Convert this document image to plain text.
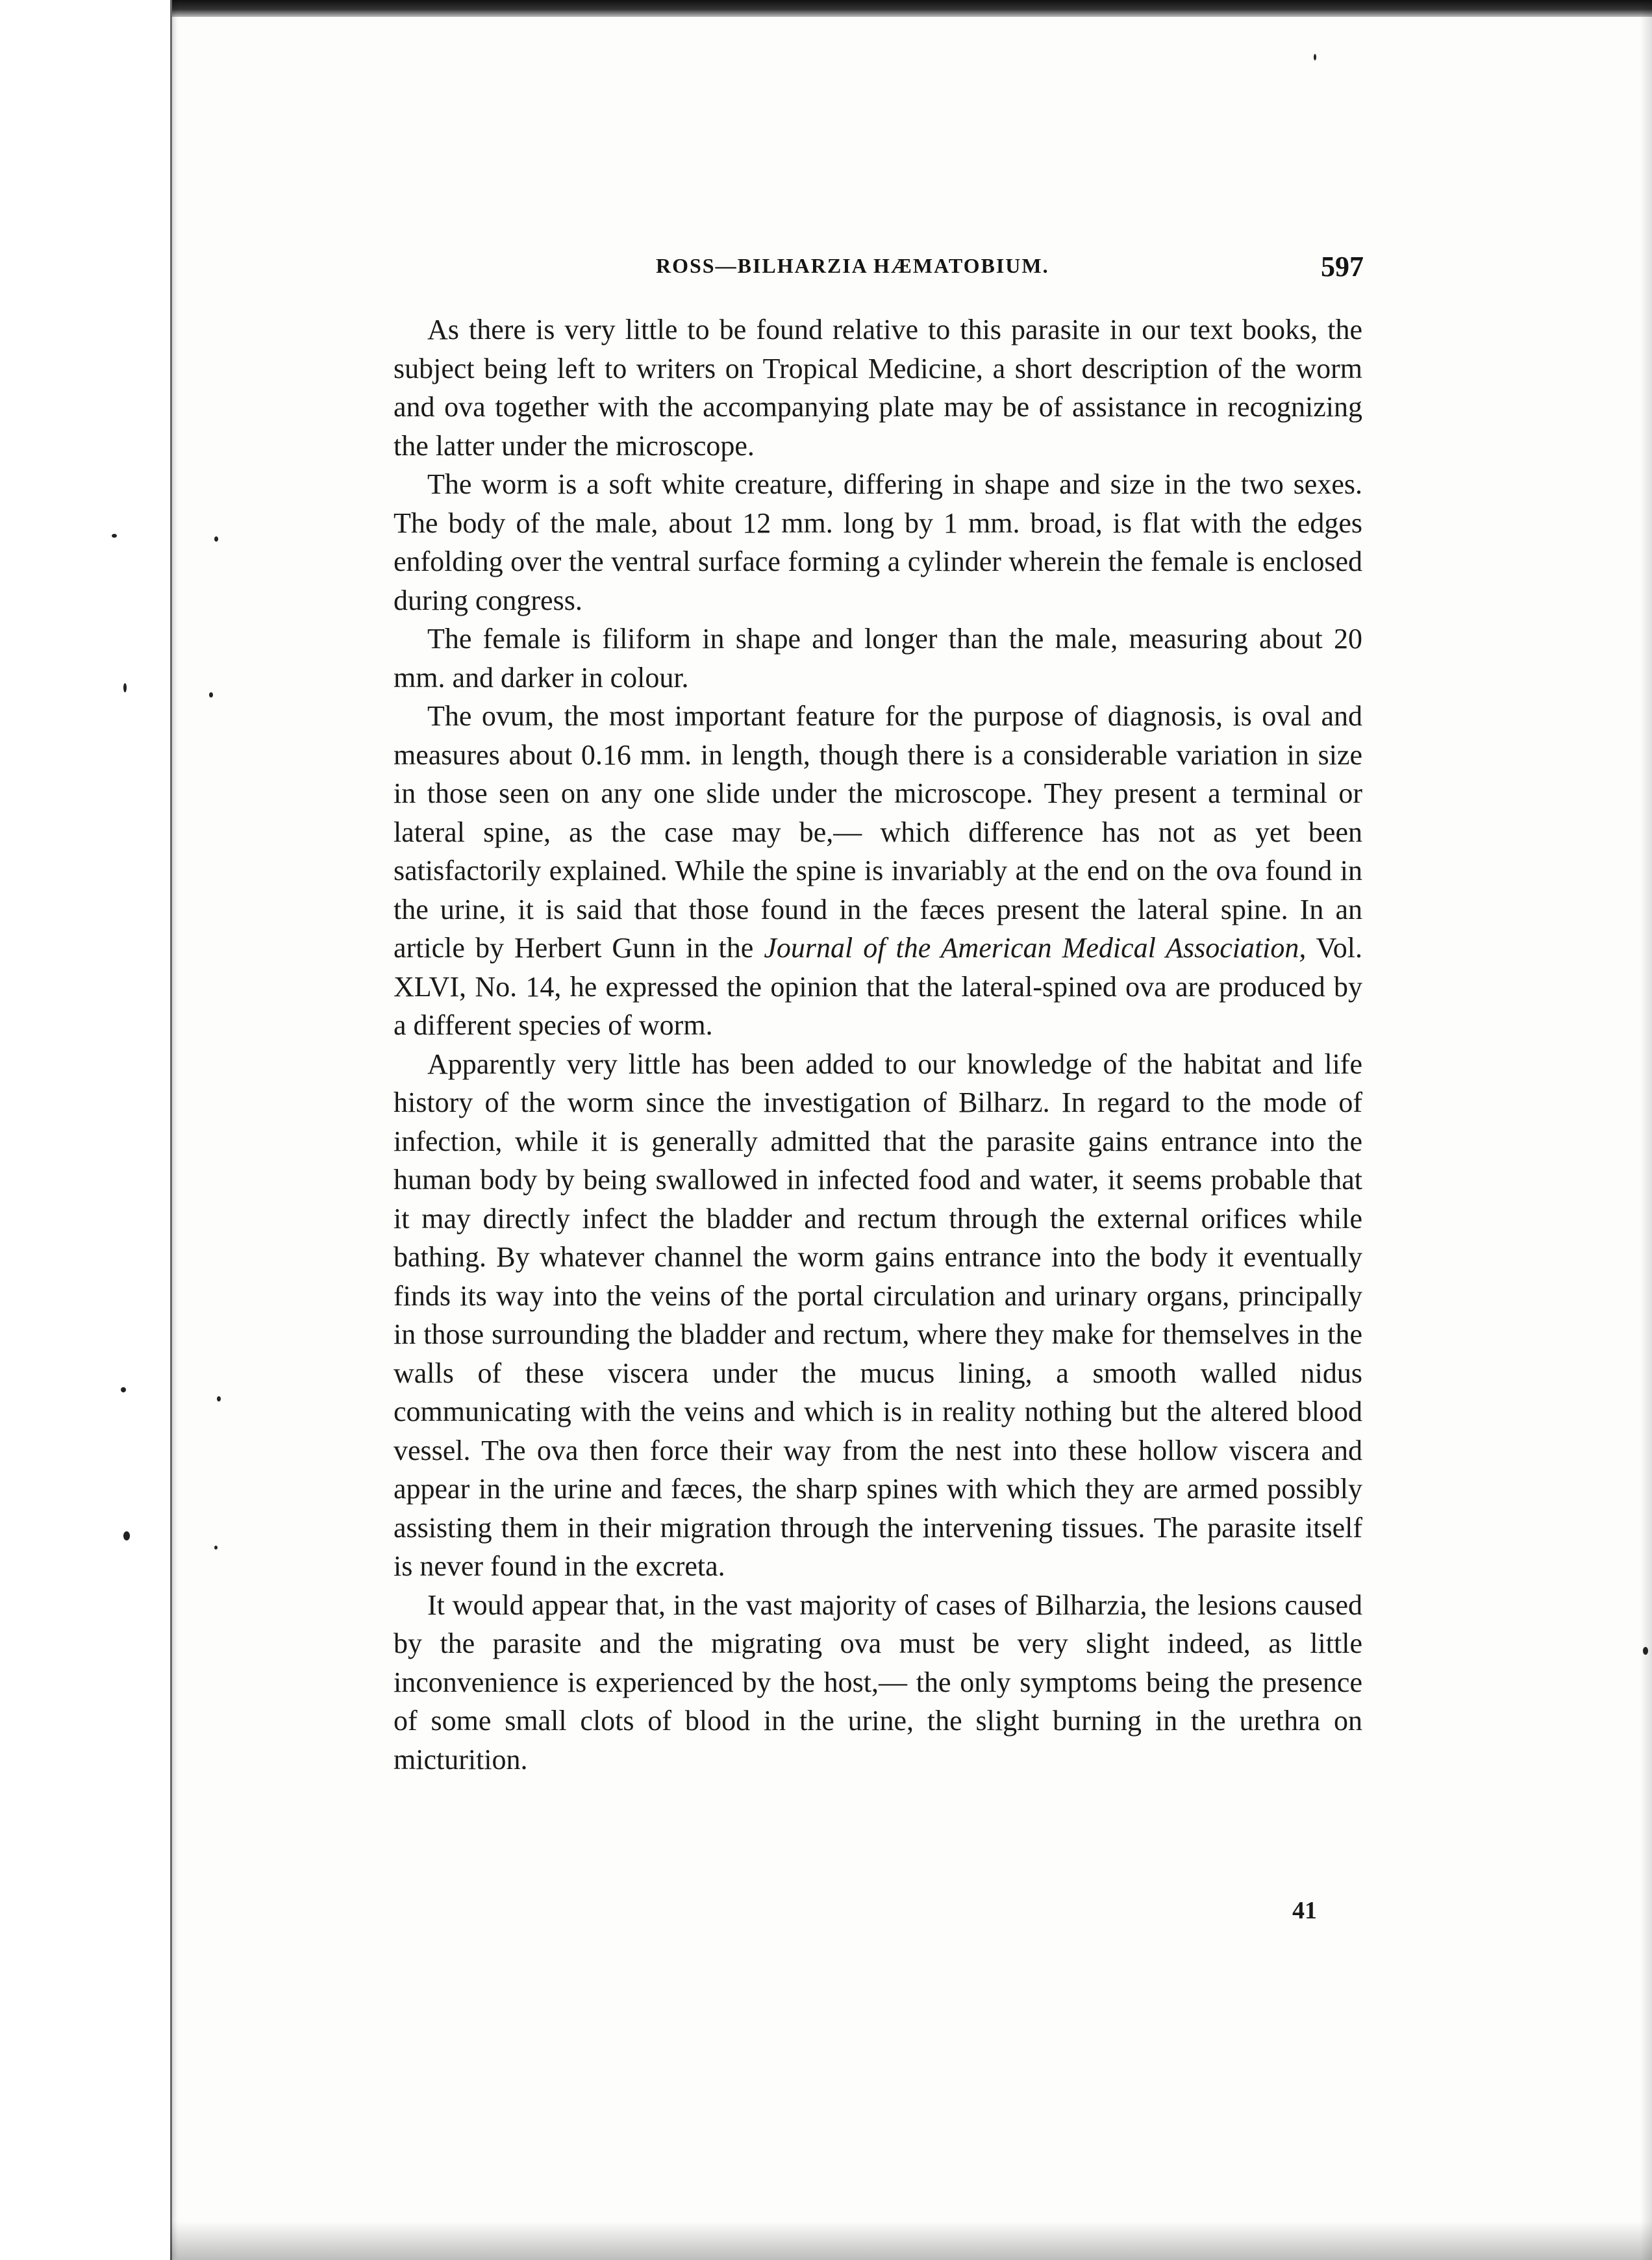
ROSS—BILHARZIA HÆMATOBIUM.	597

As there is very little to be found relative to this parasite in our text books, the subject being left to writers on Tropical Medicine, a short description of the worm and ova together with the accompanying plate may be of assistance in recognizing the latter under the microscope.

The worm is a soft white creature, differing in shape and size in the two sexes. The body of the male, about 12 mm. long by 1 mm. broad, is flat with the edges enfolding over the ventral surface forming a cylinder wherein the female is enclosed during congress.

The female is filiform in shape and longer than the male, measuring about 20 mm. and darker in colour.

The ovum, the most important feature for the purpose of diagnosis, is oval and measures about 0.16 mm. in length, though there is a considerable variation in size in those seen on any one slide under the microscope. They present a terminal or lateral spine, as the case may be,— which difference has not as yet been satisfactorily explained. While the spine is invariably at the end on the ova found in the urine, it is said that those found in the fæces present the lateral spine. In an article by Herbert Gunn in the Journal of the American Medical Association, Vol. XLVI, No. 14, he expressed the opinion that the lateral-spined ova are produced by a different species of worm.

Apparently very little has been added to our knowledge of the habitat and life history of the worm since the investigation of Bilharz. In regard to the mode of infection, while it is generally admitted that the parasite gains entrance into the human body by being swallowed in infected food and water, it seems probable that it may directly infect the bladder and rectum through the external orifices while bathing. By whatever channel the worm gains entrance into the body it eventually finds its way into the veins of the portal circulation and urinary organs, principally in those surrounding the bladder and rectum, where they make for themselves in the walls of these viscera under the mucus lining, a smooth walled nidus communicating with the veins and which is in reality nothing but the altered blood vessel. The ova then force their way from the nest into these hollow viscera and appear in the urine and fæces, the sharp spines with which they are armed possibly assisting them in their migration through the intervening tissues. The parasite itself is never found in the excreta.

It would appear that, in the vast majority of cases of Bilharzia, the lesions caused by the parasite and the migrating ova must be very slight indeed, as little inconvenience is experienced by the host,— the only symptoms being the presence of some small clots of blood in the urine, the slight burning in the urethra on micturition.

41
